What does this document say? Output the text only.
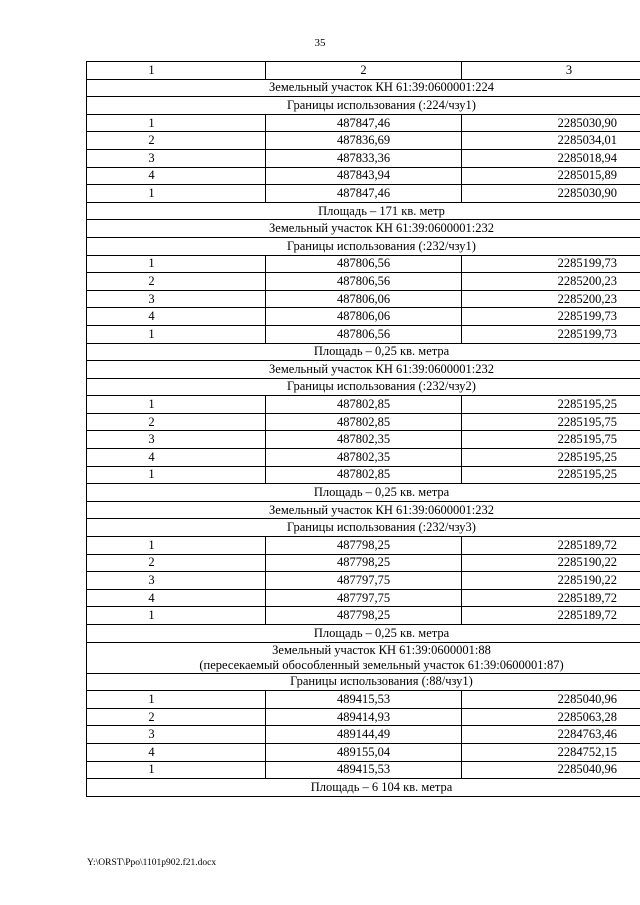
35
1	2	3

Земельный участок КН 61:39:0600001:224		

Границы использования (:224/чзу1)		
1	487847,46	2285030,90
2	487836,69	2285034,01
3	487833,36	2285018,94
4	487843,94	2285015,89
1	487847,46	2285030,90
Площадь – 171 кв. метр		

Земельный участок КН 61:39:0600001:232		

Границы использования (:232/чзу1)		
1	487806,56	2285199,73
2	487806,56	2285200,23
3	487806,06	2285200,23
4	487806,06	2285199,73
1	487806,56	2285199,73
Площадь – 0,25 кв. метра		

Земельный участок КН 61:39:0600001:232		

Границы использования (:232/чзу2)		
1	487802,85	2285195,25
2	487802,85	2285195,75
3	487802,35	2285195,75
4	487802,35	2285195,25
1	487802,85	2285195,25
Площадь – 0,25 кв. метра		

Земельный участок КН 61:39:0600001:232		

Границы использования (:232/чзу3)		
1	487798,25	2285189,72
2	487798,25	2285190,22
3	487797,75	2285190,22
4	487797,75	2285189,72
1	487798,25	2285189,72
Площадь – 0,25 кв. метра		

Земельный участок КН 61:39:0600001:88
(пересекаемый обособленный земельный участок 61:39:0600001:87)		

Границы использования (:88/чзу1)		
1	489415,53	2285040,96
2	489414,93	2285063,28
3	489144,49	2284763,46
4	489155,04	2284752,15
1	489415,53	2285040,96
Площадь – 6 104 кв. метра		
Y:\ORST\Ppo\1101p902.f21.docx
